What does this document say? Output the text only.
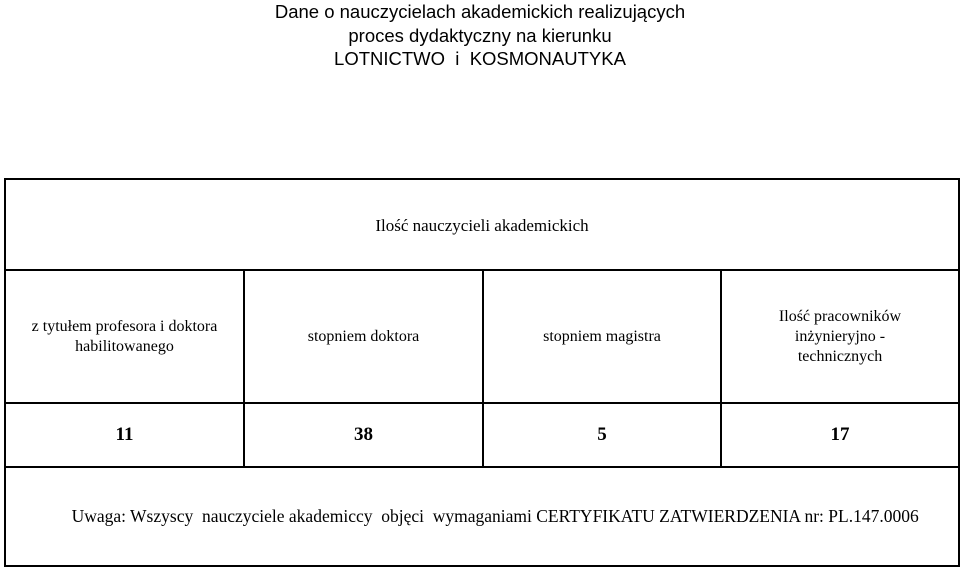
Dane o nauczycielach akademickich realizujących
proces dydaktyczny na kierunku
LOTNICTWO  i  KOSMONAUTYKA
Ilość nauczycieli akademickich			
z tytułem profesora i doktora habilitowanego	stopniem doktora	stopniem magistra	Ilość pracowników inżynieryjno - technicznych
11	38	5	17

Uwaga: Wszyscy  nauczyciele akademiccy  objęci  wymaganiami CERTYFIKATU ZATWIERDZENIA nr: PL.147.0006			
